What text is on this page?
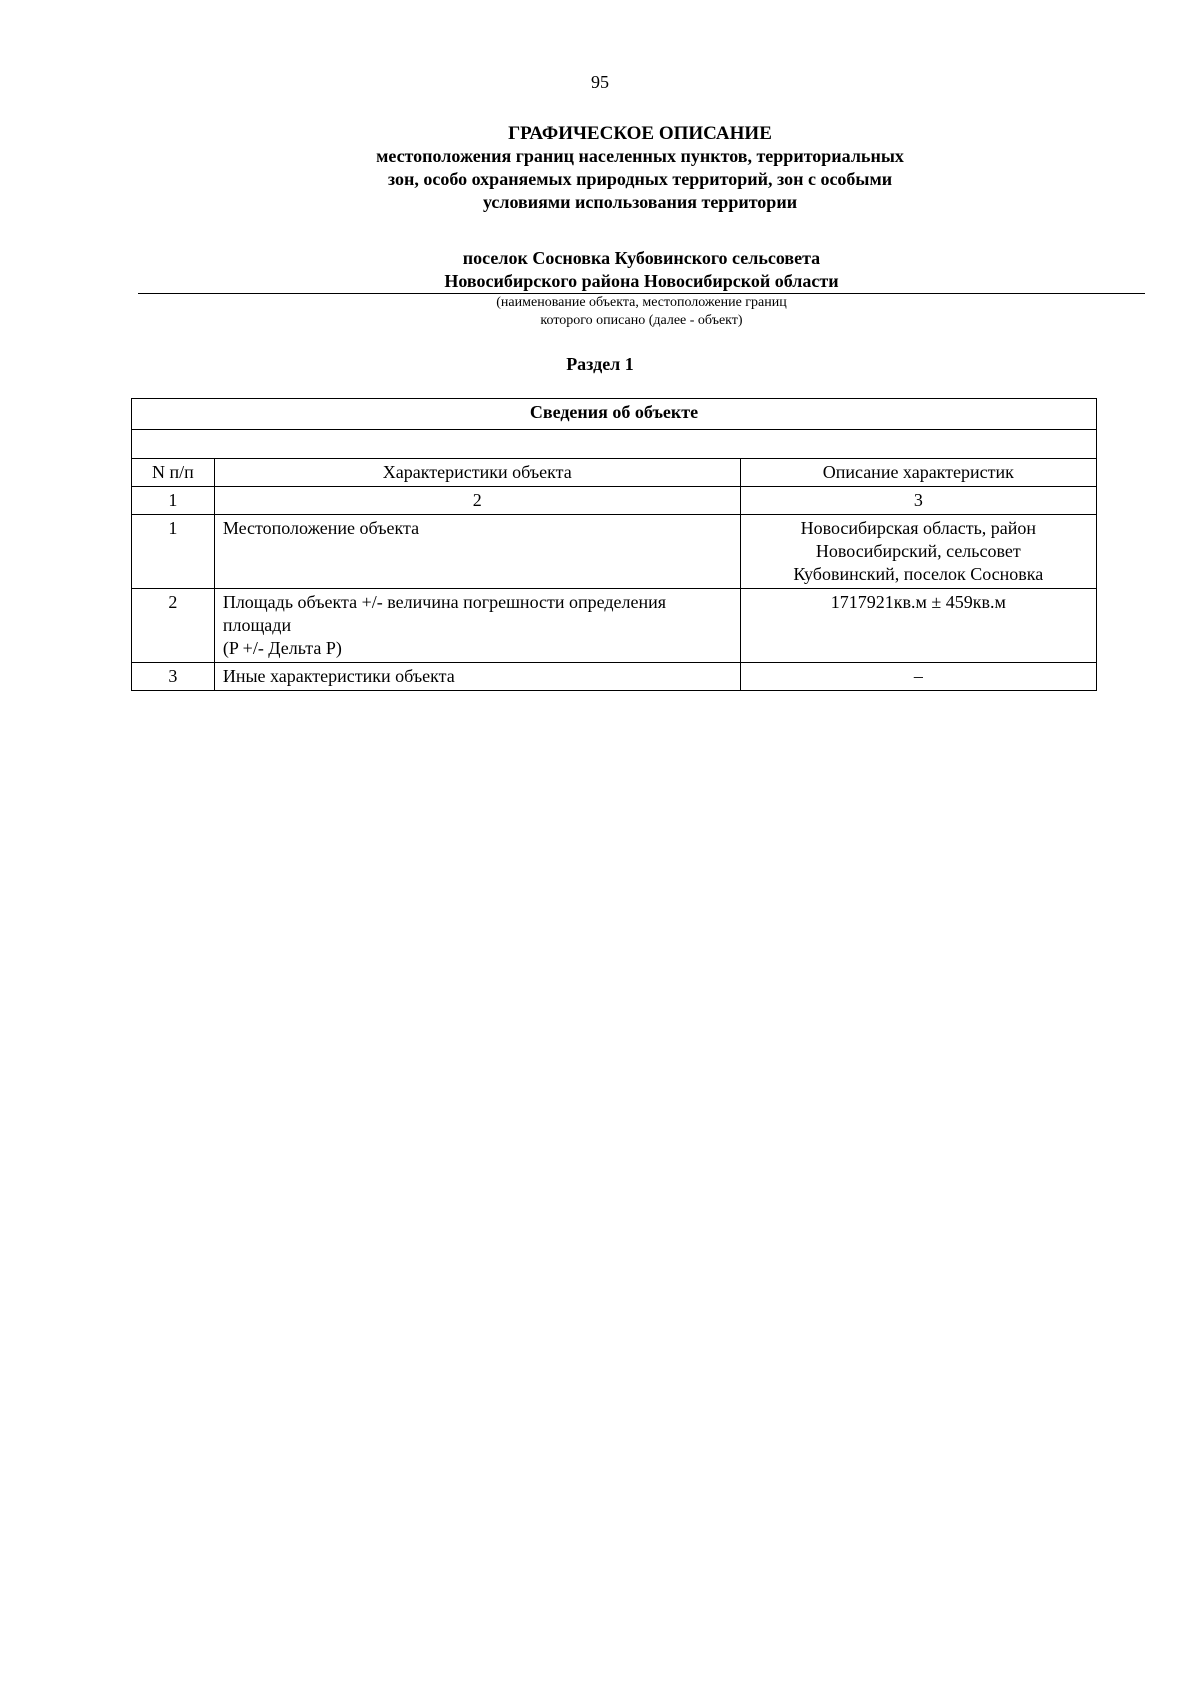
95
ГРАФИЧЕСКОЕ ОПИСАНИЕ
местоположения границ населенных пунктов, территориальных
зон, особо охраняемых природных территорий, зон с особыми
условиями использования территории
поселок Сосновка Кубовинского сельсовета
Новосибирского района Новосибирской области
(наименование объекта, местоположение границ
которого описано (далее - объект)
Раздел 1
Сведения об объекте		

N п/п	Характеристики объекта	Описание характеристик
1	2	3
1	Местоположение объекта	Новосибирская область, район
Новосибирский, сельсовет
Кубовинский, поселок Сосновка

2	Площадь объекта +/- величина погрешности определения
площади
(P +/- Дельта P)	1717921кв.м ± 459кв.м

3	Иные характеристики объекта	–
